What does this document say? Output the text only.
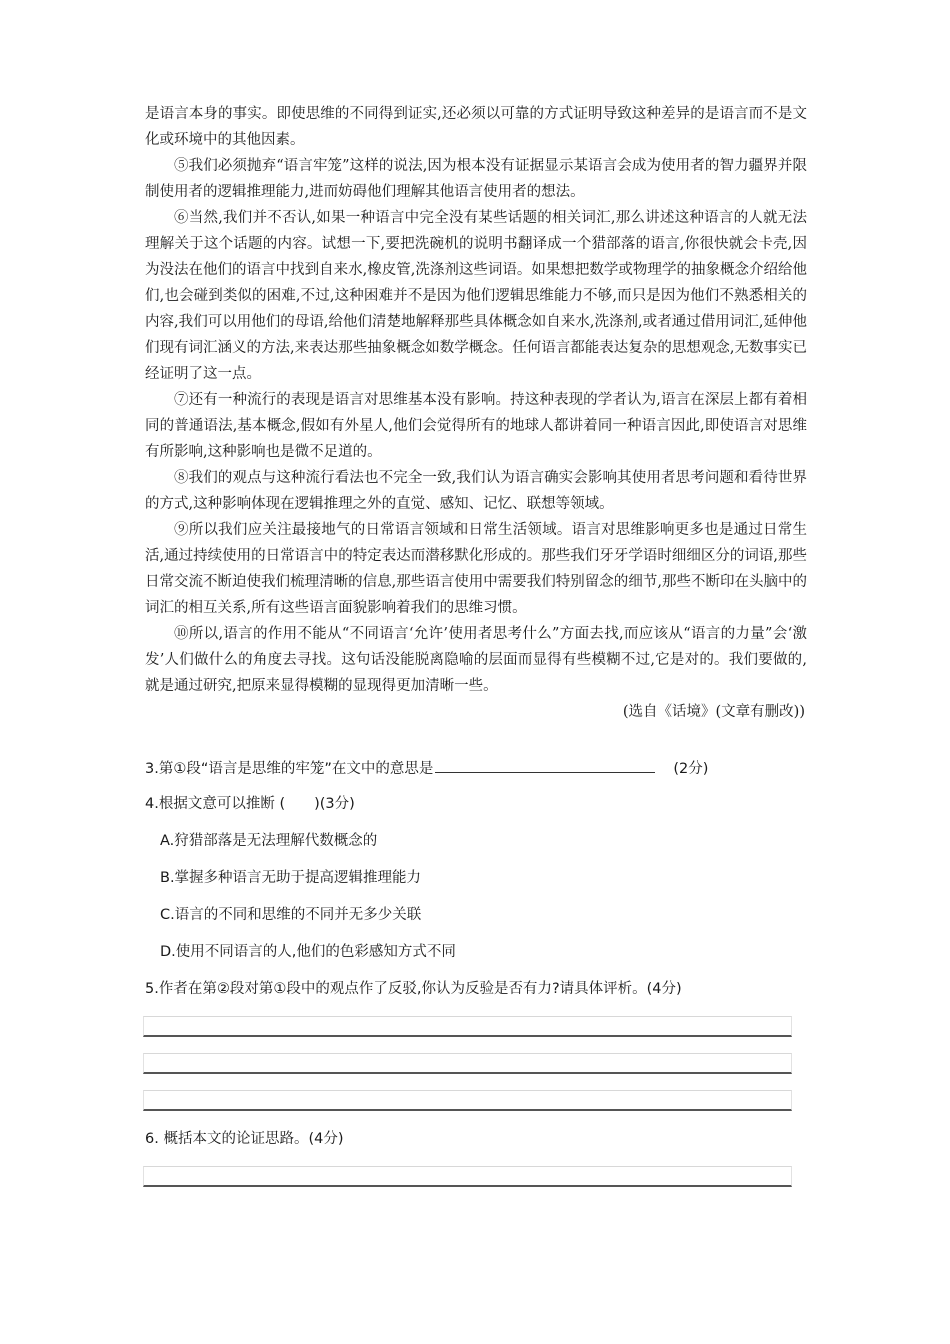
是语言本身的事实。即使思维的不同得到证实,还必须以可靠的方式证明导致这种差异的是语言而不是文化或环境中的其他因素。

⑤我们必须抛弃“语言牢笼”这样的说法,因为根本没有证据显示某语言会成为使用者的智力疆界并限制使用者的逻辑推理能力,进而妨碍他们理解其他语言使用者的想法。

⑥当然,我们并不否认,如果一种语言中完全没有某些话题的相关词汇,那么讲述这种语言的人就无法理解关于这个话题的内容。试想一下,要把洗碗机的说明书翻译成一个猎部落的语言,你很快就会卡壳,因为没法在他们的语言中找到自来水,橡皮管,洗涤剂这些词语。如果想把数学或物理学的抽象概念介绍给他们,也会碰到类似的困难,不过,这种困难并不是因为他们逻辑思维能力不够,而只是因为他们不熟悉相关的内容,我们可以用他们的母语,给他们清楚地解释那些具体概念如自来水,洗涤剂,或者通过借用词汇,延伸他们现有词汇涵义的方法,来表达那些抽象概念如数学概念。任何语言都能表达复杂的思想观念,无数事实已经证明了这一点。

⑦还有一种流行的表现是语言对思维基本没有影响。持这种表现的学者认为,语言在深层上都有着相同的普通语法,基本概念,假如有外星人,他们会觉得所有的地球人都讲着同一种语言因此,即使语言对思维有所影响,这种影响也是微不足道的。

⑧我们的观点与这种流行看法也不完全一致,我们认为语言确实会影响其使用者思考问题和看待世界的方式,这种影响体现在逻辑推理之外的直觉、感知、记忆、联想等领域。

⑨所以我们应关注最接地气的日常语言领域和日常生活领域。语言对思维影响更多也是通过日常生活,通过持续使用的日常语言中的特定表达而潜移默化形成的。那些我们牙牙学语时细细区分的词语,那些日常交流不断迫使我们梳理清晰的信息,那些语言使用中需要我们特别留念的细节,那些不断印在头脑中的词汇的相互关系,所有这些语言面貌影响着我们的思维习惯。

⑩所以,语言的作用不能从“不同语言‘允许’使用者思考什么”方面去找,而应该从“语言的力量”会‘激发’人们做什么的角度去寻找。这句话没能脱离隐喻的层面而显得有些模糊不过,它是对的。我们要做的,就是通过研究,把原来显得模糊的显现得更加清晰一些。

(选自《话境》(文章有删改))

3.第①段“语言是思维的牢笼”在文中的意思是	(2分)
4.根据文意可以推断 (　　)(3分)
A.狩猎部落是无法理解代数概念的
B.掌握多种语言无助于提高逻辑推理能力
C.语言的不同和思维的不同并无多少关联
D.使用不同语言的人,他们的色彩感知方式不同
5.作者在第②段对第①段中的观点作了反驳,你认为反验是否有力?请具体评析。(4分)
6. 概括本文的论证思路。(4分)
